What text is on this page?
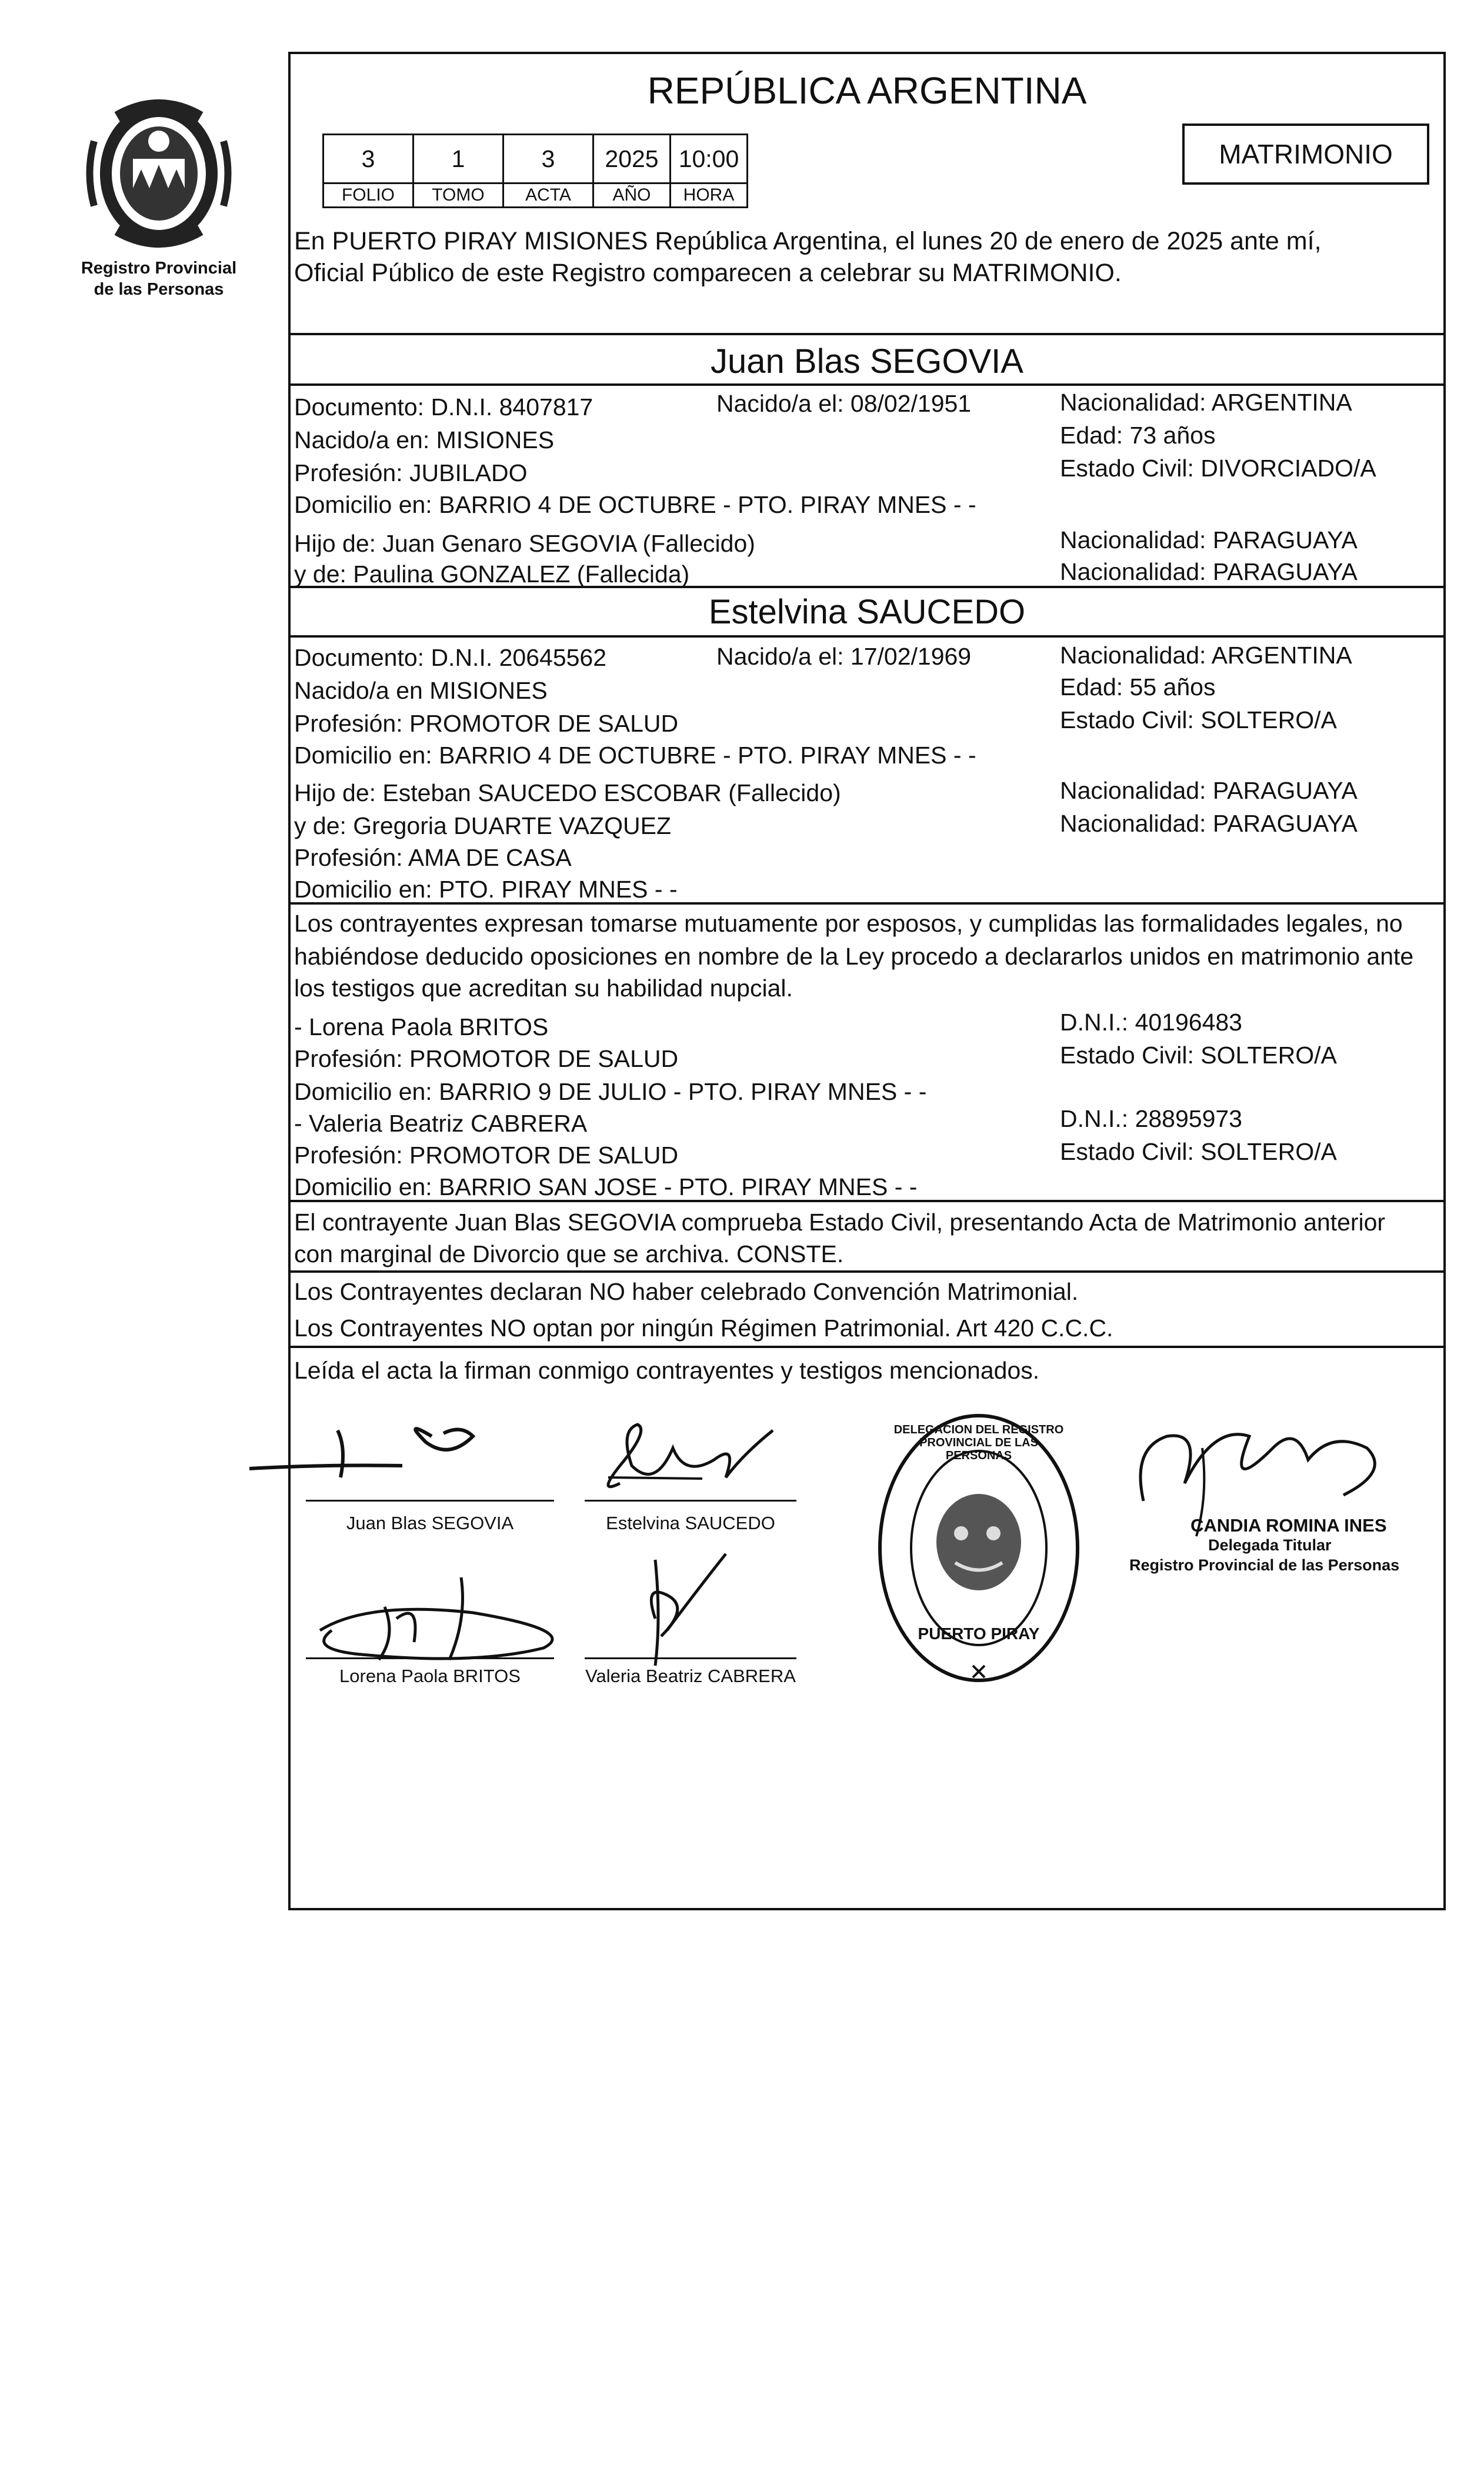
Registro Provincial
de las Personas
REPÚBLICA ARGENTINA
3	1	3	2025	10:00
FOLIO	TOMO	ACTA	AÑO	HORA
MATRIMONIO
En PUERTO PIRAY MISIONES República Argentina, el lunes 20 de enero de 2025 ante mí,
Oficial Público de este Registro comparecen a celebrar su MATRIMONIO.
Juan Blas SEGOVIA
Documento: D.N.I. 8407817	Nacido/a el: 08/02/1951	Nacionalidad: ARGENTINA
Nacido/a en: MISIONES	Edad: 73 años
Profesión: JUBILADO	Estado Civil: DIVORCIADO/A
Domicilio en: BARRIO 4 DE OCTUBRE - PTO. PIRAY MNES - -
Hijo de: Juan Genaro SEGOVIA (Fallecido)	Nacionalidad: PARAGUAYA
y de: Paulina GONZALEZ (Fallecida)	Nacionalidad: PARAGUAYA
Estelvina SAUCEDO
Documento: D.N.I. 20645562	Nacido/a el: 17/02/1969	Nacionalidad: ARGENTINA
Nacido/a en MISIONES	Edad: 55 años
Profesión: PROMOTOR DE SALUD	Estado Civil: SOLTERO/A
Domicilio en: BARRIO 4 DE OCTUBRE - PTO. PIRAY MNES - -
Hijo de: Esteban SAUCEDO ESCOBAR (Fallecido)	Nacionalidad: PARAGUAYA
y de: Gregoria DUARTE VAZQUEZ	Nacionalidad: PARAGUAYA
Profesión: AMA DE CASA
Domicilio en: PTO. PIRAY MNES - -
Los contrayentes expresan tomarse mutuamente por esposos, y cumplidas las formalidades legales, no
habiéndose deducido oposiciones en nombre de la Ley procedo a declararlos unidos en matrimonio ante
los testigos que acreditan su habilidad nupcial.
- Lorena Paola BRITOS	D.N.I.: 40196483
Profesión: PROMOTOR DE SALUD	Estado Civil: SOLTERO/A
Domicilio en: BARRIO 9 DE JULIO - PTO. PIRAY MNES - -
- Valeria Beatriz CABRERA	D.N.I.: 28895973
Profesión: PROMOTOR DE SALUD	Estado Civil: SOLTERO/A
Domicilio en: BARRIO SAN JOSE - PTO. PIRAY MNES - -
El contrayente Juan Blas SEGOVIA comprueba Estado Civil, presentando Acta de Matrimonio anterior
con marginal de Divorcio que se archiva. CONSTE.
Los Contrayentes declaran NO haber celebrado Convención Matrimonial.
Los Contrayentes NO optan por ningún Régimen Patrimonial. Art 420 C.C.C.
Leída el acta la firman conmigo contrayentes y testigos mencionados.
Juan Blas SEGOVIA	Estelvina SAUCEDO
Lorena Paola BRITOS	Valeria Beatriz CABRERA
DELEGACION DEL REGISTRO PROVINCIAL DE LAS PERSONAS
PUERTO PIRAY
CANDIA ROMINA INES
Delegada Titular
Registro Provincial de las Personas
